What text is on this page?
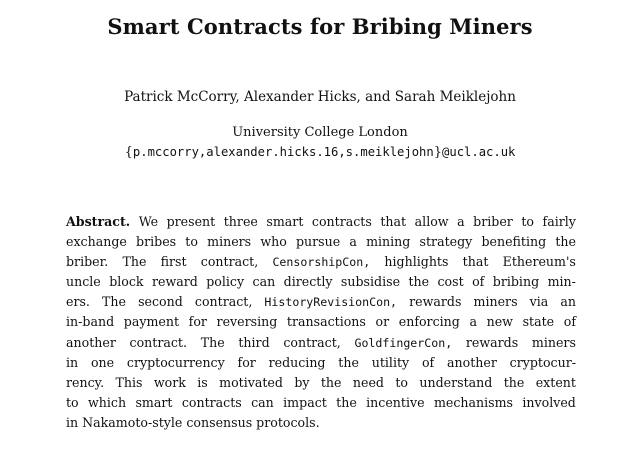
Smart Contracts for Bribing Miners
Patrick McCorry, Alexander Hicks, and Sarah Meiklejohn
University College London
{p.mccorry,alexander.hicks.16,s.meiklejohn}@ucl.ac.uk
Abstract. We present three smart contracts that allow a briber to fairly
exchange bribes to miners who pursue a mining strategy benefiting the
briber. The first contract, CensorshipCon, highlights that Ethereum's
uncle block reward policy can directly subsidise the cost of bribing min-
ers. The second contract, HistoryRevisionCon, rewards miners via an
in-band payment for reversing transactions or enforcing a new state of
another contract. The third contract, GoldfingerCon, rewards miners
in one cryptocurrency for reducing the utility of another cryptocur-
rency. This work is motivated by the need to understand the extent
to which smart contracts can impact the incentive mechanisms involved
in Nakamoto-style consensus protocols.
